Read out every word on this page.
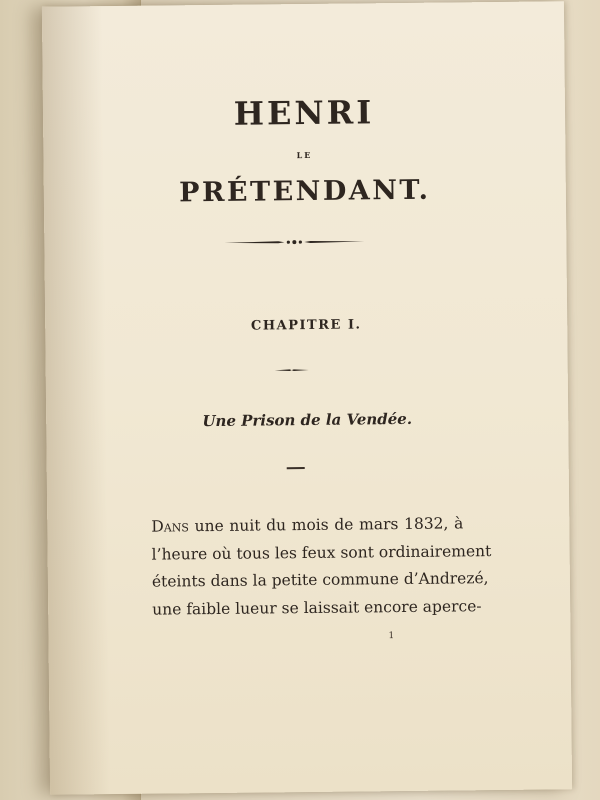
HENRI
LE
PRÉTENDANT.
CHAPITRE I.
Une Prison de la Vendée.
Dans une nuit du mois de mars 1832, à
l’heure où tous les feux sont ordinairement
éteints dans la petite commune d’Andrezé,
une faible lueur se laissait encore aperce-
1
